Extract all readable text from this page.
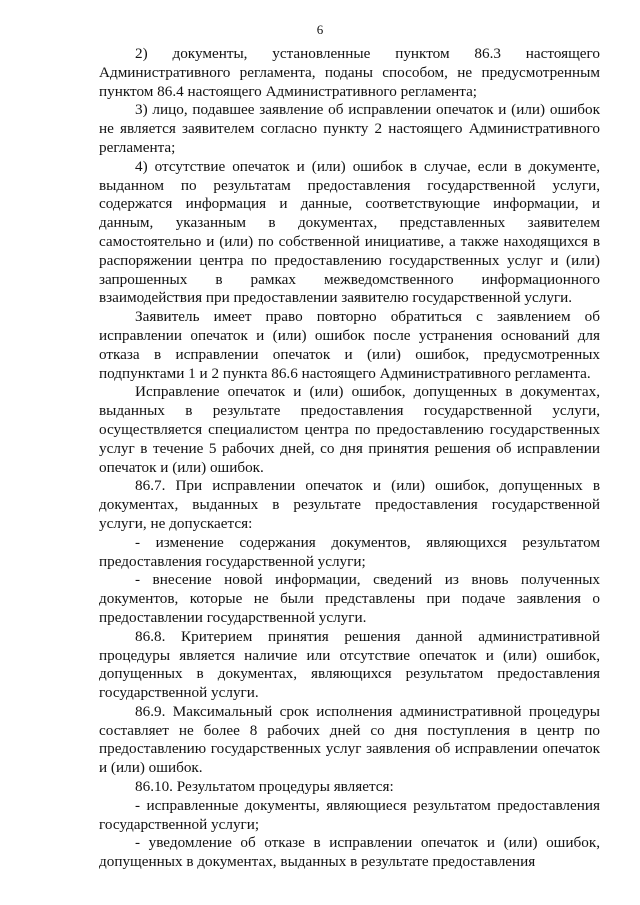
6

2) документы, установленные пунктом 86.3 настоящего Административного регламента, поданы способом, не предусмотренным пунктом 86.4 настоящего Административного регламента;

3) лицо, подавшее заявление об исправлении опечаток и (или) ошибок не является заявителем согласно пункту 2 настоящего Административного регламента;

4) отсутствие опечаток и (или) ошибок в случае, если в документе, выданном по результатам предоставления государственной услуги, содержатся информация и данные, соответствующие информации, и данным, указанным в документах, представленных заявителем самостоятельно и (или) по собственной инициативе, а также находящихся в распоряжении центра по предоставлению государственных услуг и (или) запрошенных в рамках межведомственного информационного взаимодействия при предоставлении заявителю государственной услуги.

Заявитель имеет право повторно обратиться с заявлением об исправлении опечаток и (или) ошибок после устранения оснований для отказа в исправлении опечаток и (или) ошибок, предусмотренных подпунктами 1 и 2 пункта 86.6 настоящего Административного регламента.

Исправление опечаток и (или) ошибок, допущенных в документах, выданных в результате предоставления государственной услуги, осуществляется специалистом центра по предоставлению государственных услуг в течение 5 рабочих дней, со дня принятия решения об исправлении опечаток и (или) ошибок.

86.7. При исправлении опечаток и (или) ошибок, допущенных в документах, выданных в результате предоставления государственной услуги, не допускается:

- изменение содержания документов, являющихся результатом предоставления государственной услуги;

- внесение новой информации, сведений из вновь полученных документов, которые не были представлены при подаче заявления о предоставлении государственной услуги.

86.8. Критерием принятия решения данной административной процедуры является наличие или отсутствие опечаток и (или) ошибок, допущенных в документах, являющихся результатом предоставления государственной услуги.

86.9. Максимальный срок исполнения административной процедуры составляет не более 8 рабочих дней со дня поступления в центр по предоставлению государственных услуг заявления об исправлении опечаток и (или) ошибок.

86.10. Результатом процедуры является:

- исправленные документы, являющиеся результатом предоставления государственной услуги;

- уведомление об отказе в исправлении опечаток и (или) ошибок, допущенных в документах, выданных в результате предоставления
